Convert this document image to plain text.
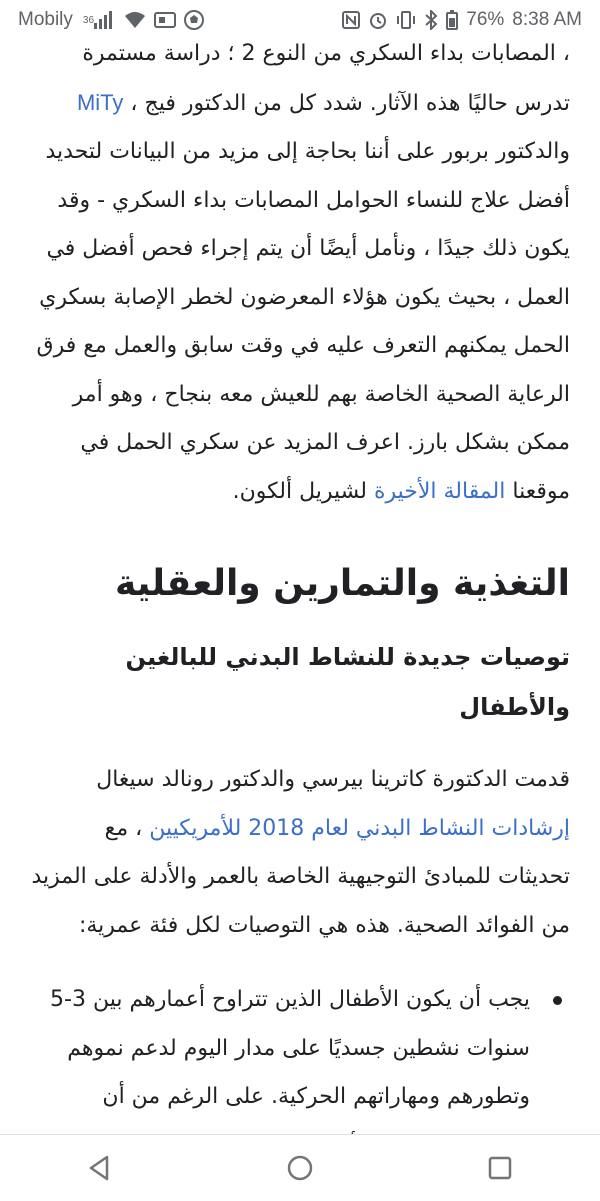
، المصابات بداء السكري من النوع 2 ؛ دراسة مستمرة تدرس حاليًا هذه الآثار. شدد كل من الدكتور فيج ، MiTy والدكتور بربور على أننا بحاجة إلى مزيد من البيانات لتحديد أفضل علاج للنساء الحوامل المصابات بداء السكري - وقد يكون ذلك جيدًا ، ونأمل أيضًا أن يتم إجراء فحص أفضل في العمل ، بحيث يكون هؤلاء المعرضون لخطر الإصابة بسكري الحمل يمكنهم التعرف عليه في وقت سابق والعمل مع فرق الرعاية الصحية الخاصة بهم للعيش معه بنجاح ، وهو أمر ممكن بشكل بارز. اعرف المزيد عن سكري الحمل في موقعنا المقالة الأخيرة لشيريل ألكون.

التغذية والتمارين والعقلية
توصيات جديدة للنشاط البدني للبالغين والأطفال

قدمت الدكتورة كاترينا بيرسي والدكتور رونالد سيغال إرشادات النشاط البدني لعام 2018 للأمريكيين ، مع تحديثات للمبادئ التوجيهية الخاصة بالعمر والأدلة على المزيد من الفوائد الصحية. هذه هي التوصيات لكل فئة عمرية:

يجب أن يكون الأطفال الذين تتراوح أعمارهم بين 3-5 سنوات نشطين جسديًا على مدار اليوم لدعم نموهم وتطورهم ومهاراتهم الحركية. على الرغم من أن
Mobily 36	76% 8:38 AM
